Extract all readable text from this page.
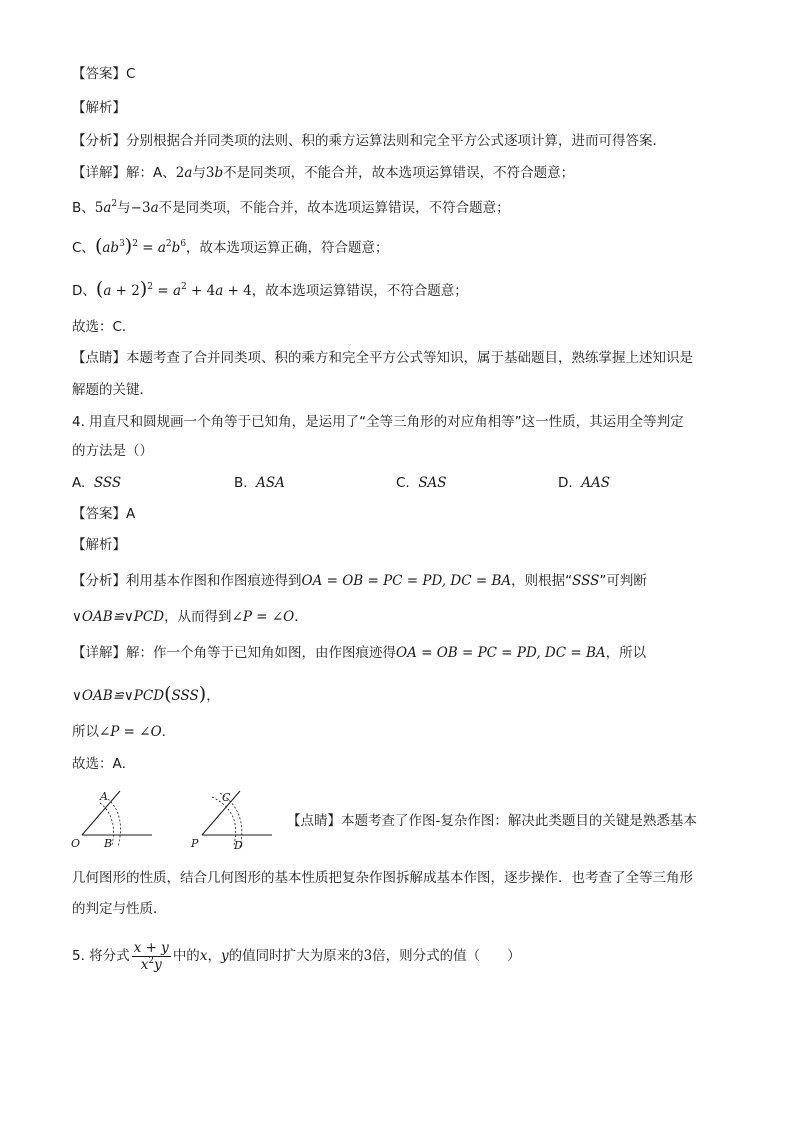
【答案】C
【解析】
【分析】分别根据合并同类项的法则、积的乘方运算法则和完全平方公式逐项计算，进而可得答案．
【详解】解：A、2a与3b不是同类项，不能合并，故本选项运算错误，不符合题意；
B、$5a^2$与−3a不是同类项，不能合并，故本选项运算错误，不符合题意；
C、$(ab^3)^2 = a^2b^6$，故本选项运算正确，符合题意；
D、$(a + 2)^2 = a^2 + 4a + 4$，故本选项运算错误，不符合题意；
故选：C．
【点睛】本题考查了合并同类项、积的乘方和完全平方公式等知识，属于基础题目，熟练掌握上述知识是
解题的关键．
4. 用直尺和圆规画一个角等于已知角，是运用了“全等三角形的对应角相等”这一性质，其运用全等判定
的方法是（）
A. SSS	B. ASA	C. SAS	D. AAS
【答案】A
【解析】
【分析】利用基本作图和作图痕迹得到OA = OB = PC = PD, DC = BA，则根据“SSS”可判断
∨OAB≌∨PCD，从而得到∠P = ∠O．
【详解】解：作一个角等于已知角如图，由作图痕迹得OA = OB = PC = PD, DC = BA，所以
∨OAB≌∨PCD(SSS)，
所以∠P = ∠O．
故选：A．
O
A
B	P
C
D
【点睛】本题考查了作图-复杂作图：解决此类题目的关键是熟悉基本
几何图形的性质，结合几何图形的基本性质把复杂作图拆解成基本作图，逐步操作．也考查了全等三角形
的判定与性质．
5. 将分式 $\frac{x + y}{x^2y}$ 中的x，y的值同时扩大为原来的3倍，则分式的值（　　）
